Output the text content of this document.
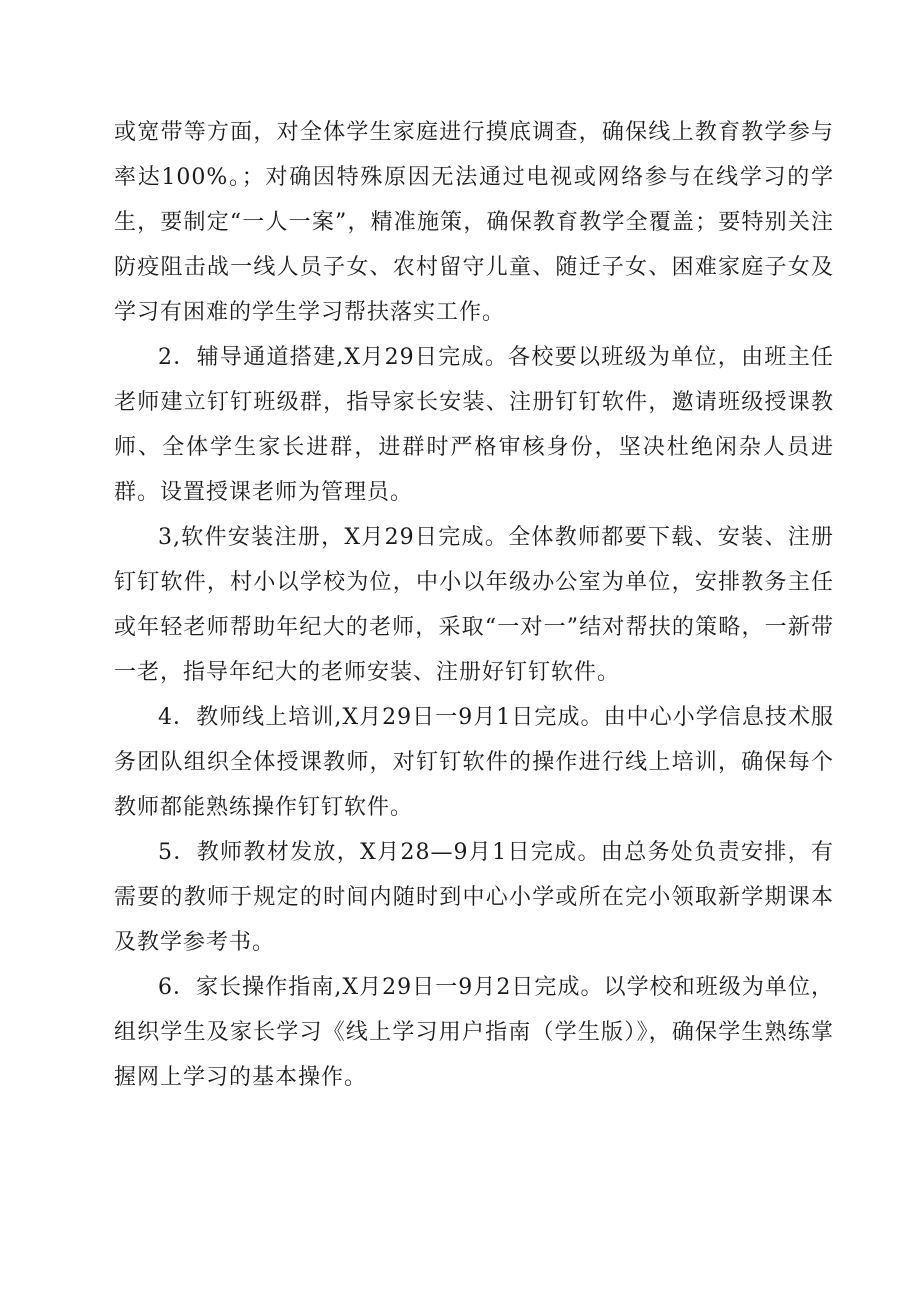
或宽带等方面，对全体学生家庭进行摸底调查，确保线上教育教学参与率达100%。；对确因特殊原因无法通过电视或网络参与在线学习的学生，要制定“一人一案”，精准施策，确保教育教学全覆盖；要特别关注防疫阻击战一线人员子女、农村留守儿童、随迁子女、困难家庭子女及学习有困难的学生学习帮扶落实工作。

2．辅导通道搭建,X月29日完成。各校要以班级为单位，由班主任老师建立钉钉班级群，指导家长安装、注册钉钉软件，邀请班级授课教师、全体学生家长进群，进群时严格审核身份，坚决杜绝闲杂人员进群。设置授课老师为管理员。

3,软件安装注册，X月29日完成。全体教师都要下载、安装、注册钉钉软件，村小以学校为位，中小以年级办公室为单位，安排教务主任或年轻老师帮助年纪大的老师，采取“一对一”结对帮扶的策略，一新带一老，指导年纪大的老师安装、注册好钉钉软件。

4．教师线上培训,X月29日一9月1日完成。由中心小学信息技术服务团队组织全体授课教师，对钉钉软件的操作进行线上培训，确保每个教师都能熟练操作钉钉软件。

5．教师教材发放，X月28—9月1日完成。由总务处负责安排，有需要的教师于规定的时间内随时到中心小学或所在完小领取新学期课本及教学参考书。

6．家长操作指南,X月29日一9月2日完成。以学校和班级为单位，组织学生及家长学习《线上学习用户指南（学生版）》，确保学生熟练掌握网上学习的基本操作。
